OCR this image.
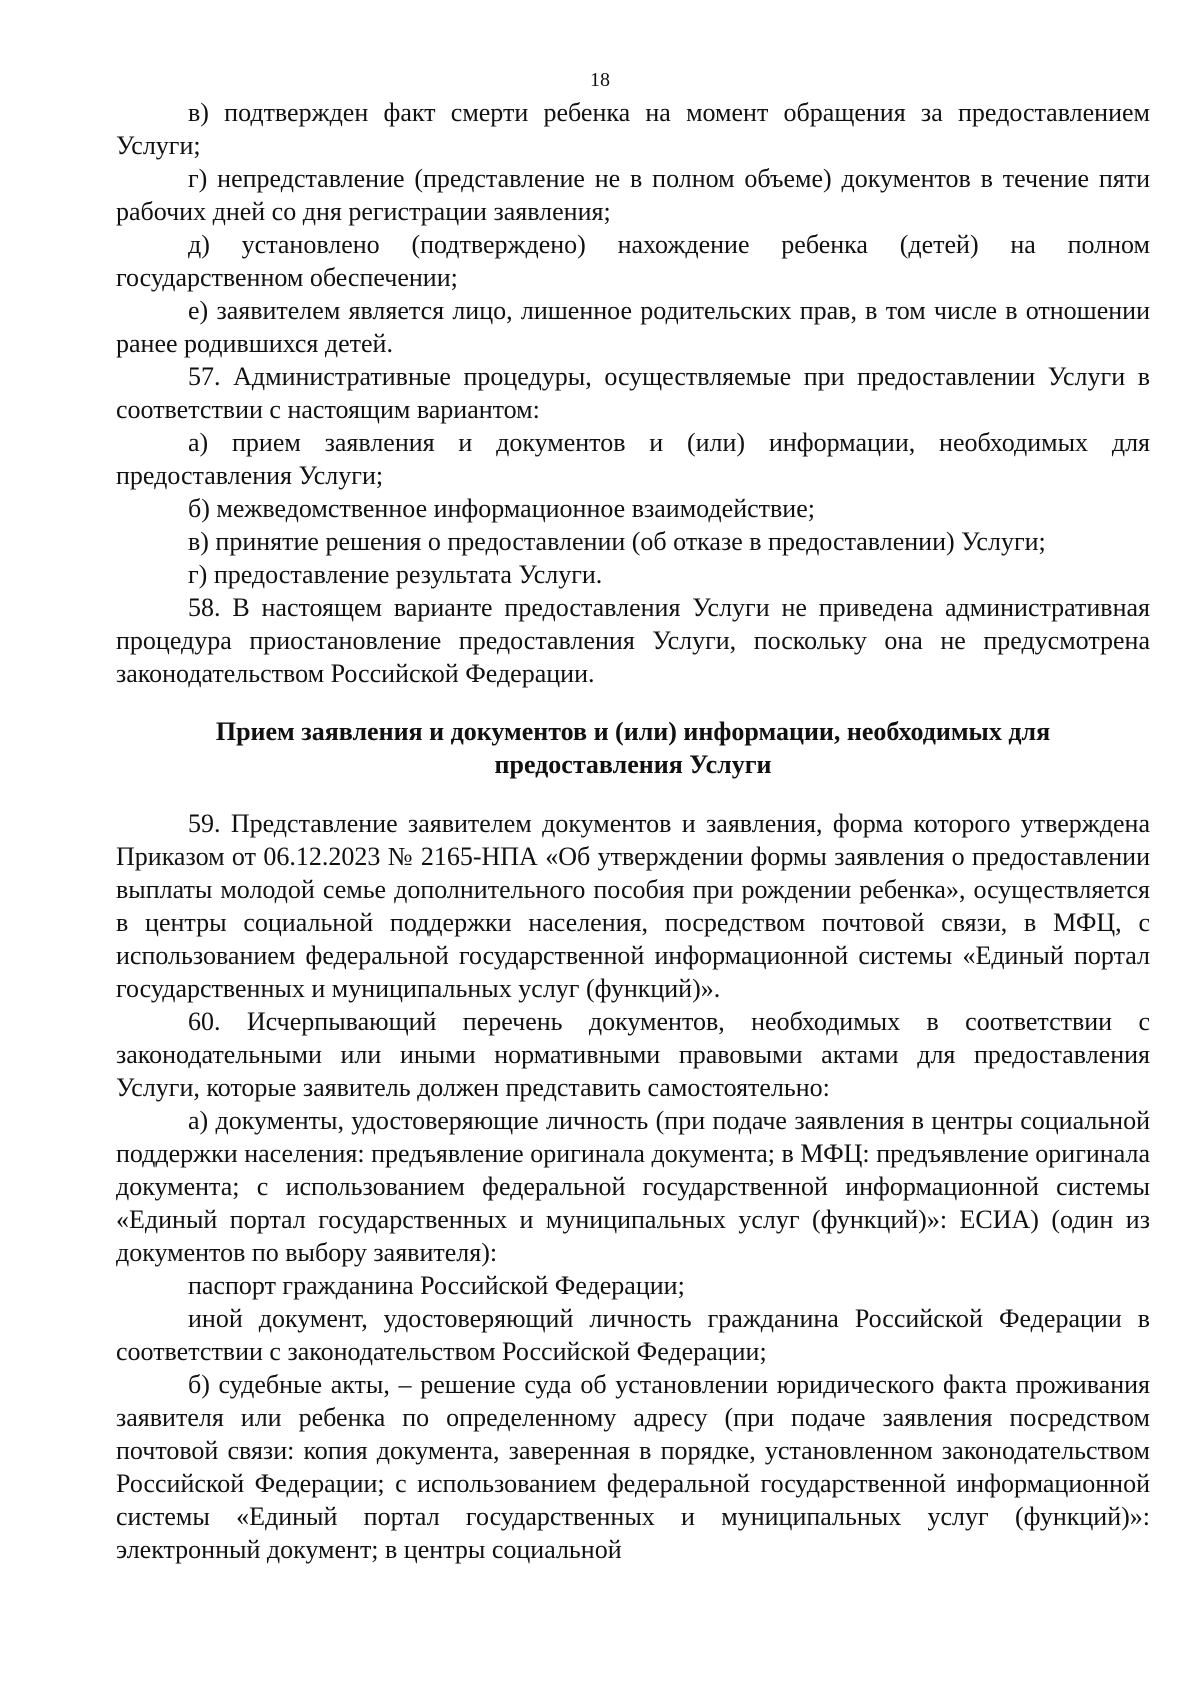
18

в) подтвержден факт смерти ребенка на момент обращения за предоставлением Услуги;

г) непредставление (представление не в полном объеме) документов в течение пяти рабочих дней со дня регистрации заявления;

д) установлено (подтверждено) нахождение ребенка (детей) на полном государственном обеспечении;

е) заявителем является лицо, лишенное родительских прав, в том числе в отношении ранее родившихся детей.

57. Административные процедуры, осуществляемые при предоставлении Услуги в соответствии с настоящим вариантом:

а) прием заявления и документов и (или) информации, необходимых для предоставления Услуги;

б) межведомственное информационное взаимодействие;

в) принятие решения о предоставлении (об отказе в предоставлении) Услуги;

г) предоставление результата Услуги.

58. В настоящем варианте предоставления Услуги не приведена административная процедура приостановление предоставления Услуги, поскольку она не предусмотрена законодательством Российской Федерации.

Прием заявления и документов и (или) информации, необходимых для
предоставления Услуги

59. Представление заявителем документов и заявления, форма которого утверждена Приказом от 06.12.2023 № 2165-НПА «Об утверждении формы заявления о предоставлении выплаты молодой семье дополнительного пособия при рождении ребенка», осуществляется в центры социальной поддержки населения, посредством почтовой связи, в МФЦ, с использованием федеральной государственной информационной системы «Единый портал государственных и муниципальных услуг (функций)».

60. Исчерпывающий перечень документов, необходимых в соответствии с законодательными или иными нормативными правовыми актами для предоставления Услуги, которые заявитель должен представить самостоятельно:

а) документы, удостоверяющие личность (при подаче заявления в центры социальной поддержки населения: предъявление оригинала документа; в МФЦ: предъявление оригинала документа; с использованием федеральной государственной информационной системы «Единый портал государственных и муниципальных услуг (функций)»: ЕСИА) (один из документов по выбору заявителя):

паспорт гражданина Российской Федерации;

иной документ, удостоверяющий личность гражданина Российской Федерации в соответствии с законодательством Российской Федерации;

б) судебные акты, – решение суда об установлении юридического факта проживания заявителя или ребенка по определенному адресу (при подаче заявления посредством почтовой связи: копия документа, заверенная в порядке, установленном законодательством Российской Федерации; с использованием федеральной государственной информационной системы «Единый портал государственных и муниципальных услуг (функций)»: электронный документ; в центры социальной
